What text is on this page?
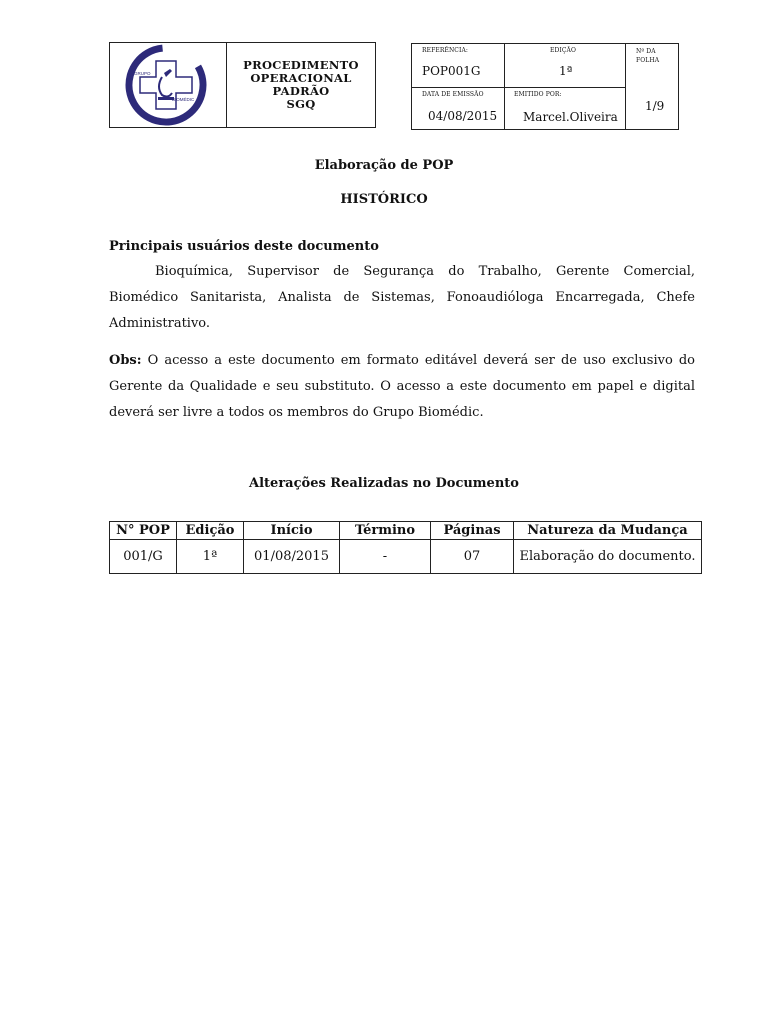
GRUPO
BIOMÉDIC
PROCEDIMENTO
OPERACIONAL
PADRÃO
SGQ
REFERÊNCIA:
POP001G
EDIÇÃO
1ª
Nº DA FOLHA
1/9
DATA DE EMISSÃO
04/08/2015
EMITIDO POR:
Marcel.Oliveira
Elaboração de POP
HISTÓRICO
Principais usuários deste documento
Bioquímica, Supervisor de Segurança do Trabalho, Gerente Comercial, Biomédico Sanitarista, Analista de Sistemas, Fonoaudióloga Encarregada, Chefe Administrativo.
Obs: O acesso a este documento em formato editável deverá ser de uso exclusivo do Gerente da Qualidade e seu substituto. O acesso a este documento em papel e digital deverá ser livre a todos os membros do Grupo Biomédic.
Alterações Realizadas no Documento
N° POP	Edição	Início	Término	Páginas	Natureza da Mudança
001/G	1ª	01/08/2015	-	07	Elaboração do documento.
